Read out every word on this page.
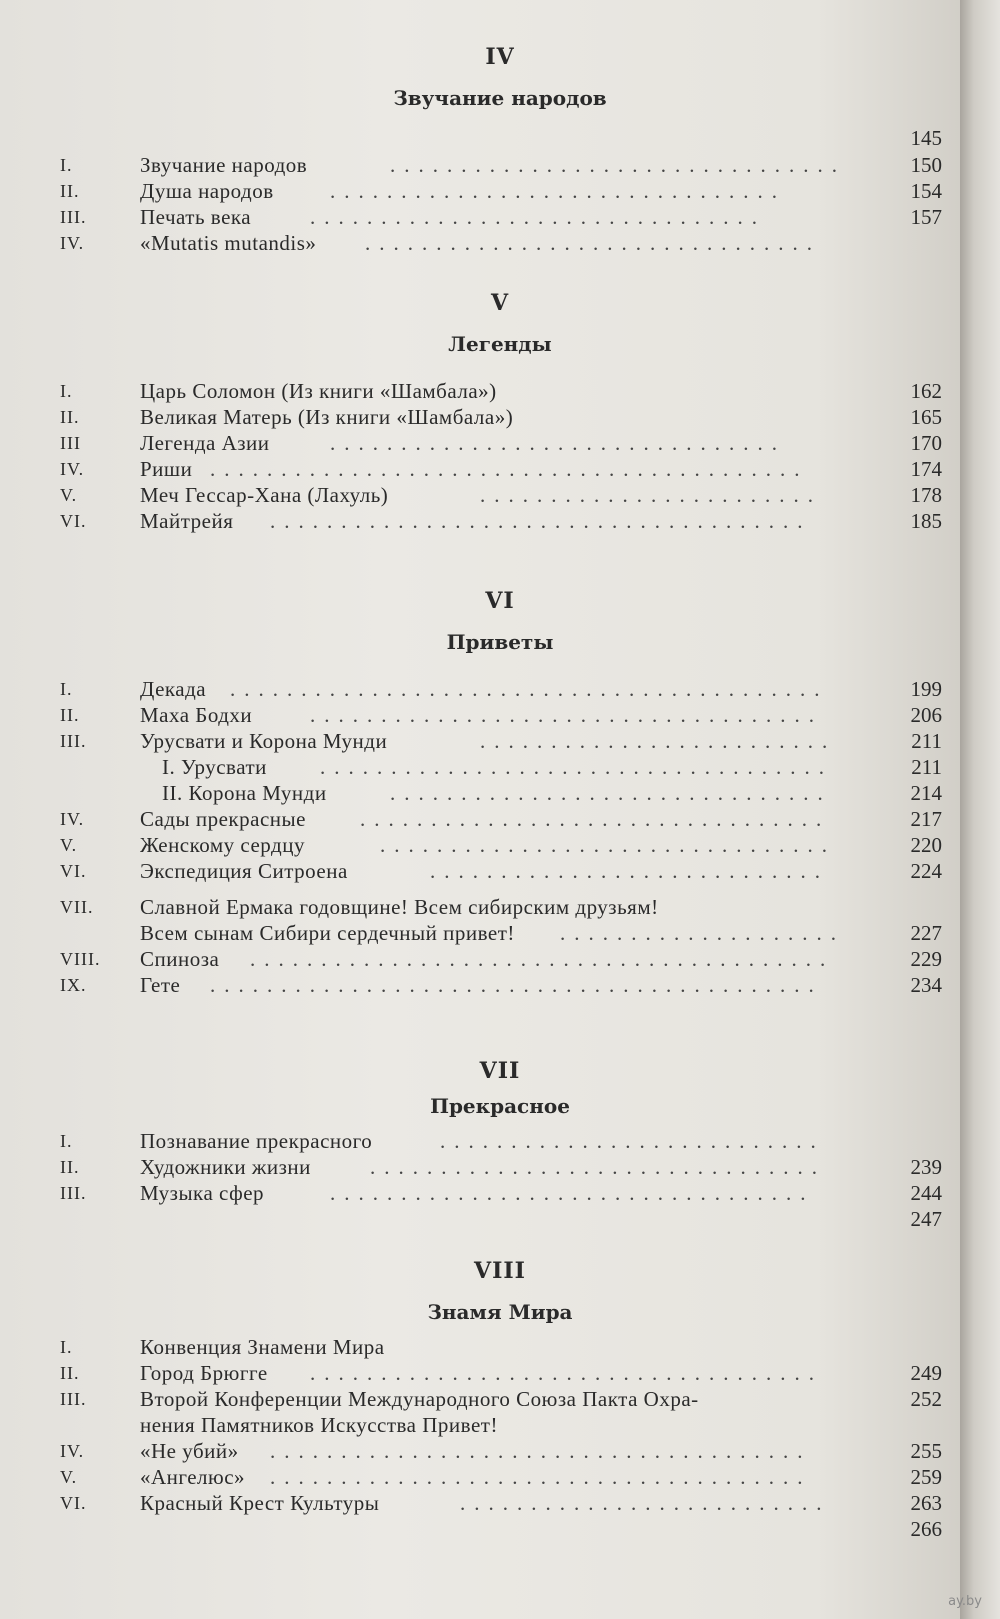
IV
Звучание народов
145
I.	Звучание народов	................................	150
II.	Душа народов	................................	154
III.	Печать века	................................	157
IV.	«Mutatis mutandis» ................................
V
Легенды
I.	Царь Соломон (Из книги «Шамбала»)	162
II.	Великая Матерь (Из книги «Шамбала»)	165
III	Легенда Азии	................................	170
IV.	Риши ..........................................	174
V.	Меч Гессар-Хана (Лахуль)	........................	178
VI.	Майтрейя ......................................	185
VI
Приветы
I.	Декада ..........................................	199
II.	Маха Бодхи	....................................	206
III.	Урусвати и Корона Мунди	.........................	211
I. Урусвати	....................................	211
II. Корона Мунди	...............................	214
IV.	Сады прекрасные	.................................	217
V.	Женскому сердцу	................................	220
VI.	Экспедиция Ситроена	............................	224
VII.	Славной Ермака годовщине! Всем сибирским друзьям!
Всем сынам Сибири сердечный привет! ....................	227
VIII.	Спиноза .........................................	229
IX.	Гете ...........................................	234
VII
Прекрасное
I.	Познавание прекрасного	...........................
II.	Художники жизни	................................	239
III.	Музыка сфер	..................................	244
247
VIII
Знамя Мира
I.	Конвенция Знамени Мира
II.	Город Брюгге ....................................	249
III.	Второй Конференции Международного Союза Пакта Охра-	252
нения Памятников Искусства Привет!
IV.	«Не убий» ......................................	255
V.	«Ангелюс» ......................................	259
VI.	Красный Крест Культуры	..........................	263
266
ay.by
